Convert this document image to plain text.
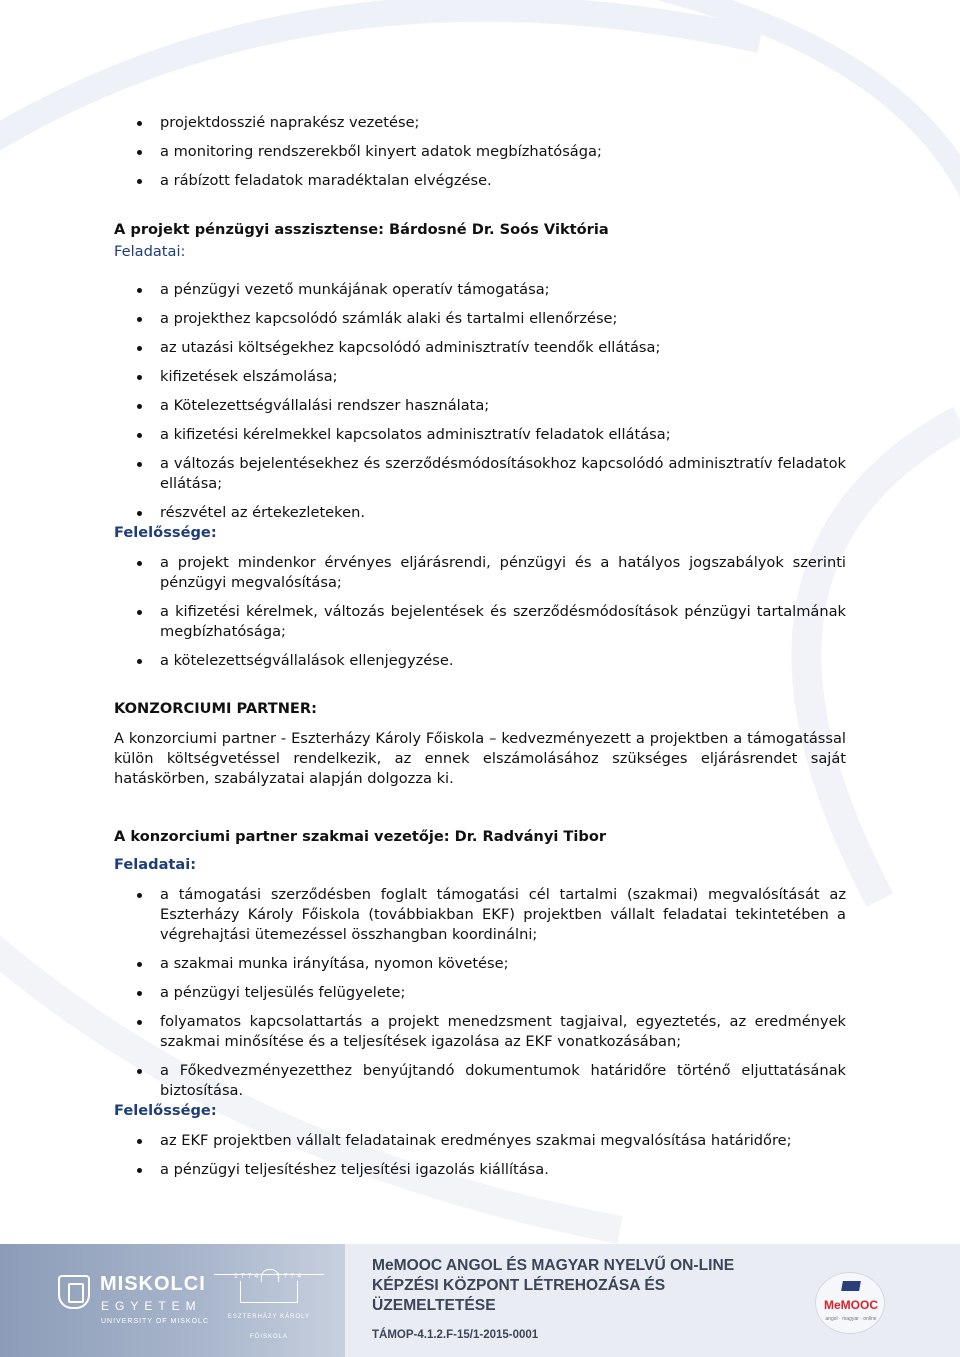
projektdosszié naprakész vezetése;
a monitoring rendszerekből kinyert adatok megbízhatósága;
a rábízott feladatok maradéktalan elvégzése.
A projekt pénzügyi asszisztense: Bárdosné Dr. Soós Viktória
Feladatai:
a pénzügyi vezető munkájának operatív támogatása;
a projekthez kapcsolódó számlák alaki és tartalmi ellenőrzése;
az utazási költségekhez kapcsolódó adminisztratív teendők ellátása;
kifizetések elszámolása;
a Kötelezettségvállalási rendszer használata;
a kifizetési kérelmekkel kapcsolatos adminisztratív feladatok ellátása;
a változás bejelentésekhez és szerződésmódosításokhoz kapcsolódó adminisztratív feladatok ellátása;
részvétel az értekezleteken.
Felelőssége:
a projekt mindenkor érvényes eljárásrendi, pénzügyi és a hatályos jogszabályok szerinti pénzügyi megvalósítása;
a kifizetési kérelmek, változás bejelentések és szerződésmódosítások pénzügyi tartalmának megbízhatósága;
a kötelezettségvállalások ellenjegyzése.
KONZORCIUMI PARTNER:

A konzorciumi partner - Eszterházy Károly Főiskola – kedvezményezett a projektben a támogatással külön költségvetéssel rendelkezik, az ennek elszámolásához szükséges eljárásrendet saját hatáskörben, szabályzatai alapján dolgozza ki.

A konzorciumi partner szakmai vezetője: Dr. Radványi Tibor
Feladatai:
a támogatási szerződésben foglalt támogatási cél tartalmi (szakmai) megvalósítását az Eszterházy Károly Főiskola (továbbiakban EKF) projektben vállalt feladatai tekintetében a végrehajtási ütemezéssel összhangban koordinálni;
a szakmai munka irányítása, nyomon követése;
a pénzügyi teljesülés felügyelete;
folyamatos kapcsolattartás a projekt menedzsment tagjaival, egyeztetés, az eredmények szakmai minősítése és a teljesítések igazolása az EKF vonatkozásában;
a Főkedvezményezetthez benyújtandó dokumentumok határidőre történő eljuttatásának biztosítása.
Felelőssége:
az EKF projektben vállalt feladatainak eredményes szakmai megvalósítása határidőre;
a pénzügyi teljesítéshez teljesítési igazolás kiállítása.
MISKOLCI
EGYETEM
UNIVERSITY OF MISKOLC
1774 · 1774
ESZTERHÁZY KÁROLY FŐISKOLA
MeMOOC ANGOL ÉS MAGYAR NYELVŰ ON-LINE KÉPZÉSI KÖZPONT LÉTREHOZÁSA ÉS ÜZEMELTETÉSE
TÁMOP-4.1.2.F-15/1-2015-0001
MeMOOC
angol · magyar · online
